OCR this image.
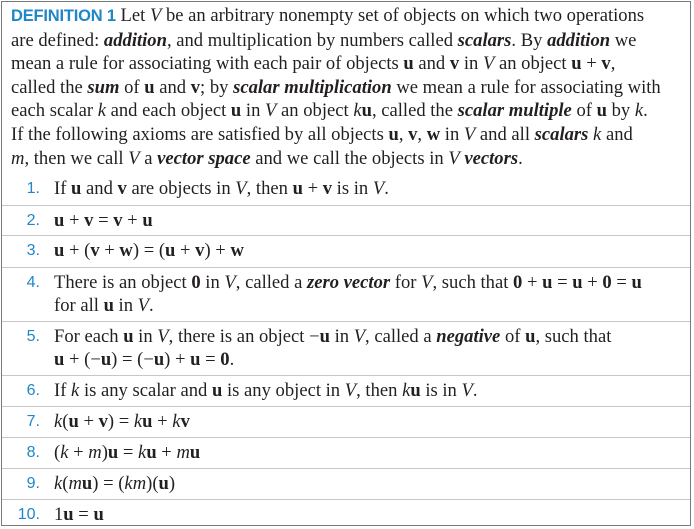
DEFINITION 1 Let V be an arbitrary nonempty set of objects on which two operations
are defined: addition, and multiplication by numbers called scalars. By addition we
mean a rule for associating with each pair of objects u and v in V an object u + v,
called the sum of u and v; by scalar multiplication we mean a rule for associating with
each scalar k and each object u in V an object ku, called the scalar multiple of u by k.
If the following axioms are satisfied by all objects u, v, w in V and all scalars k and
m, then we call V a vector space and we call the objects in V vectors.
1. If u and v are objects in V, then u + v is in V.
2. u + v = v + u
3. u + (v + w) = (u + v) + w
4. There is an object 0 in V, called a zero vector for V, such that 0 + u = u + 0 = u
for all u in V.
5. For each u in V, there is an object −u in V, called a negative of u, such that
u + (−u) = (−u) + u = 0.
6. If k is any scalar and u is any object in V, then ku is in V.
7. k(u + v) = ku + kv
8. (k + m)u = ku + mu
9. k(mu) = (km)(u)
10. 1u = u
